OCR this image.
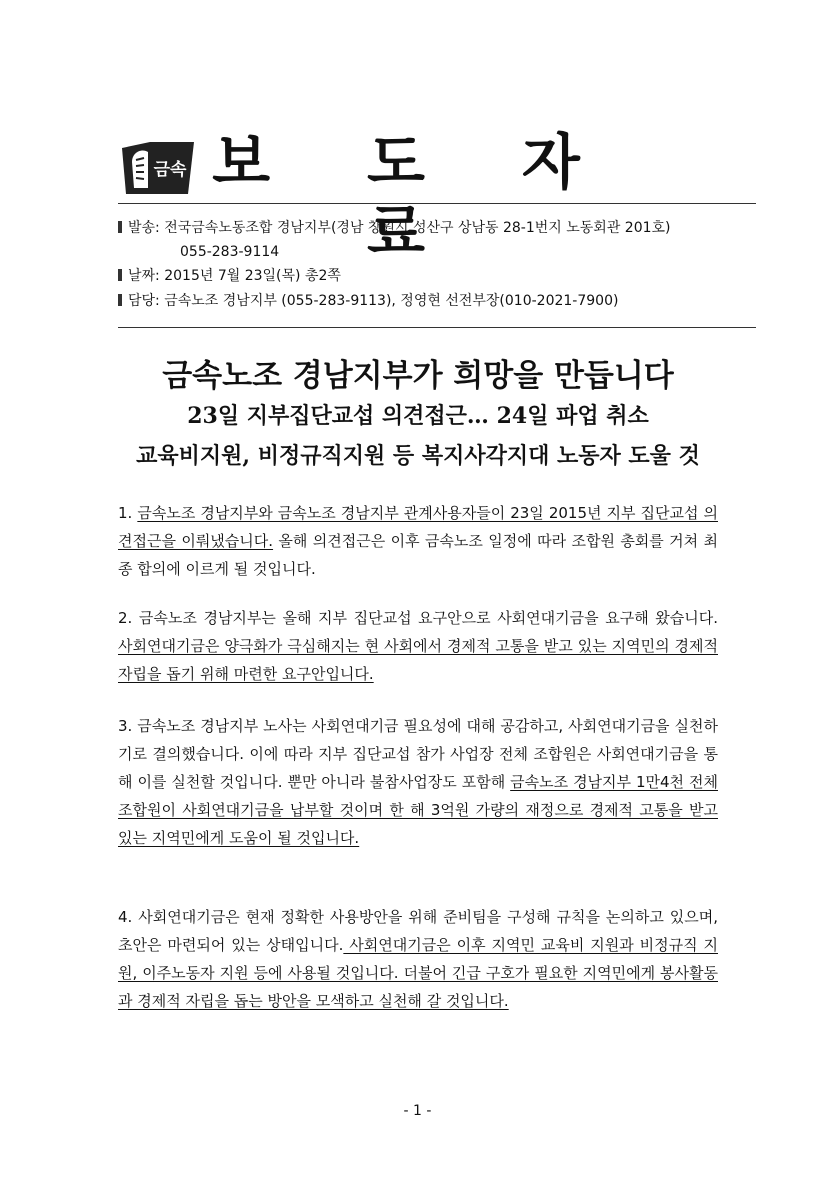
금속 보 도 자 료
발송: 전국금속노동조합 경남지부(경남 창원시 성산구 상남동 28-1번지 노동회관 201호)
055-283-9114
날짜: 2015년 7월 23일(목) 총2쪽
담당: 금속노조 경남지부 (055-283-9113), 정영현 선전부장(010-2021-7900)
금속노조 경남지부가 희망을 만듭니다
23일 지부집단교섭 의견접근… 24일 파업 취소
교육비지원, 비정규직지원 등 복지사각지대 노동자 도울 것
1. 금속노조 경남지부와 금속노조 경남지부 관계사용자들이 23일 2015년 지부 집단교섭 의견접근을 이뤄냈습니다. 올해 의견접근은 이후 금속노조 일정에 따라 조합원 총회를 거쳐 최종 합의에 이르게 될 것입니다.
2. 금속노조 경남지부는 올해 지부 집단교섭 요구안으로 사회연대기금을 요구해 왔습니다. 사회연대기금은 양극화가 극심해지는 현 사회에서 경제적 고통을 받고 있는 지역민의 경제적 자립을 돕기 위해 마련한 요구안입니다.
3. 금속노조 경남지부 노사는 사회연대기금 필요성에 대해 공감하고, 사회연대기금을 실천하기로 결의했습니다. 이에 따라 지부 집단교섭 참가 사업장 전체 조합원은 사회연대기금을 통해 이를 실천할 것입니다. 뿐만 아니라 불참사업장도 포함해 금속노조 경남지부 1만4천 전체 조합원이 사회연대기금을 납부할 것이며 한 해 3억원 가량의 재정으로 경제적 고통을 받고 있는 지역민에게 도움이 될 것입니다.
4. 사회연대기금은 현재 정확한 사용방안을 위해 준비팀을 구성해 규칙을 논의하고 있으며, 초안은 마련되어 있는 상태입니다. 사회연대기금은 이후 지역민 교육비 지원과 비정규직 지원, 이주노동자 지원 등에 사용될 것입니다. 더불어 긴급 구호가 필요한 지역민에게 봉사활동과 경제적 자립을 돕는 방안을 모색하고 실천해 갈 것입니다.
- 1 -
